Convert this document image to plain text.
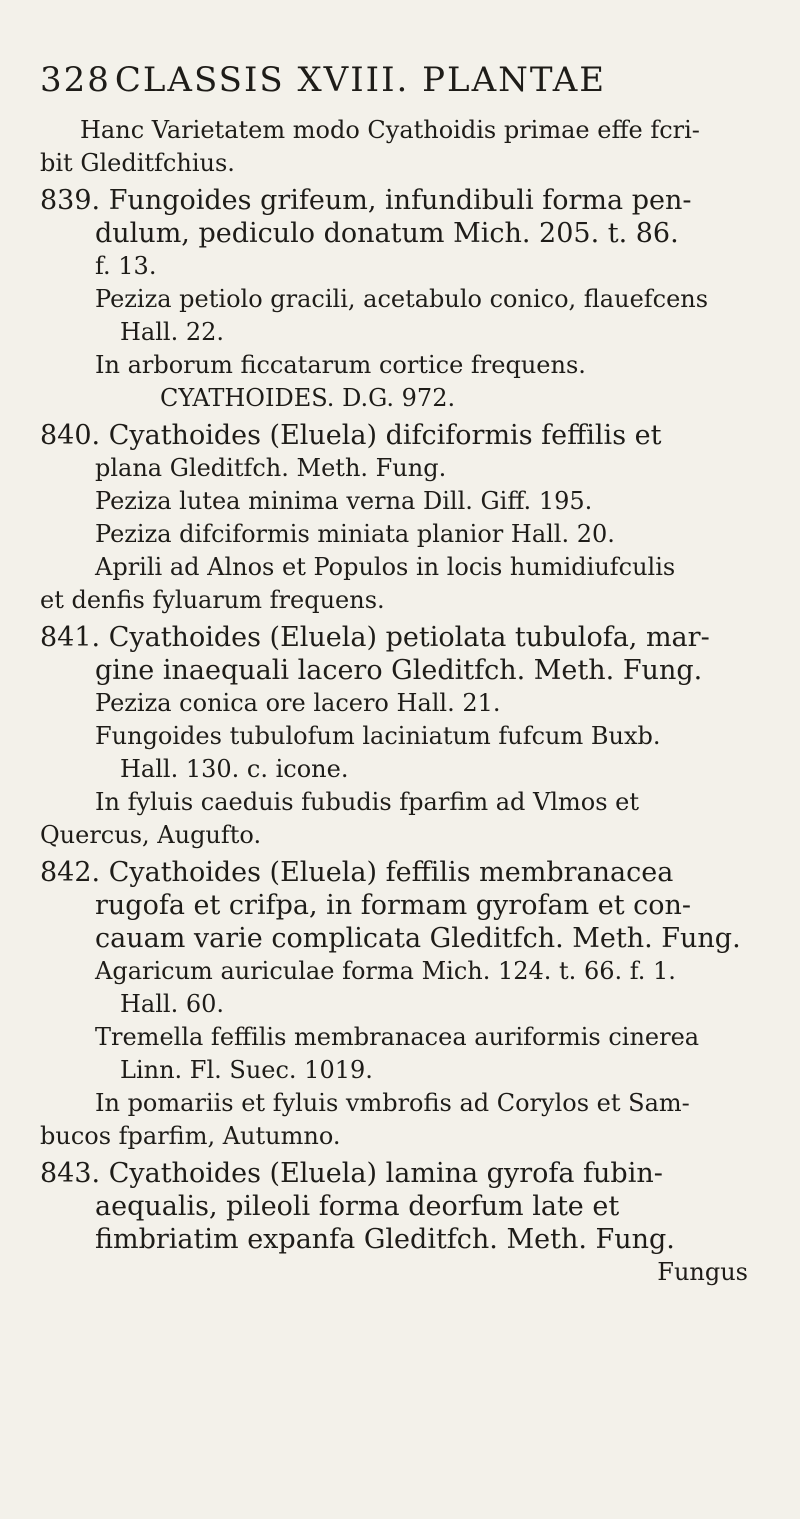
328 CLASSIS XVIII. PLANTAE
Hanc Varietatem modo Cyathoidis primae effe fcri-
bit Gleditfchius.
839. Fungoides grifeum, infundibuli forma pen-
dulum, pediculo donatum Mich. 205. t. 86.
f. 13.
Peziza petiolo gracili, acetabulo conico, flauefcens
Hall. 22.
In arborum ficcatarum cortice frequens.
CYATHOIDES. D.G. 972.
840. Cyathoides (Eluela) difciformis feffilis et
plana Gleditfch. Meth. Fung.
Peziza lutea minima verna Dill. Giff. 195.
Peziza difciformis miniata planior Hall. 20.
Aprili ad Alnos et Populos in locis humidiufculis
et denfis fyluarum frequens.
841. Cyathoides (Eluela) petiolata tubulofa, mar-
gine inaequali lacero Gleditfch. Meth. Fung.
Peziza conica ore lacero Hall. 21.
Fungoides tubulofum laciniatum fufcum Buxb.
Hall. 130. c. icone.
In fyluis caeduis fubudis fparfim ad Vlmos et
Quercus, Augufto.
842. Cyathoides (Eluela) feffilis membranacea
rugofa et crifpa, in formam gyrofam et con-
cauam varie complicata Gleditfch. Meth. Fung.
Agaricum auriculae forma Mich. 124. t. 66. f. 1.
Hall. 60.
Tremella feffilis membranacea auriformis cinerea
Linn. Fl. Suec. 1019.
In pomariis et fyluis vmbrofis ad Corylos et Sam-
bucos fparfim, Autumno.
843. Cyathoides (Eluela) lamina gyrofa fubin-
aequalis, pileoli forma deorfum late et
fimbriatim expanfa Gleditfch. Meth. Fung.
Fungus
